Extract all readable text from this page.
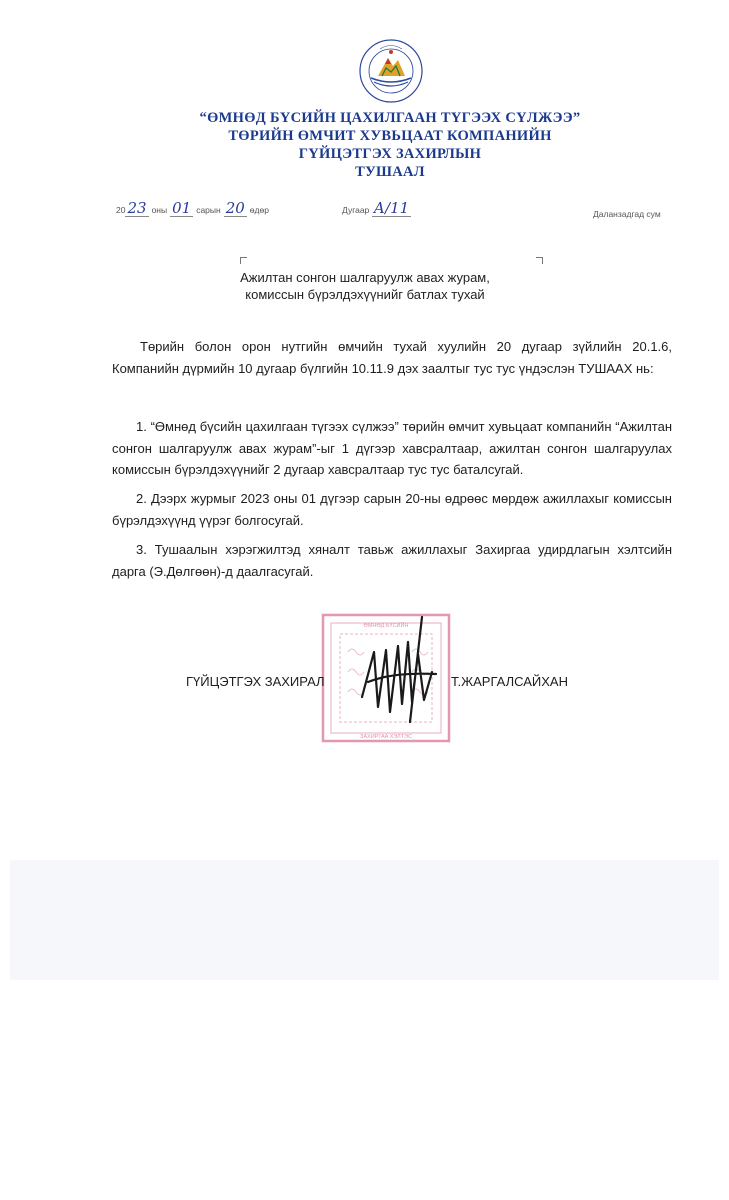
“ӨМНӨД БҮСИЙН ЦАХИЛГААН ТҮГЭЭХ СҮЛЖЭЭ”
ТӨРИЙН ӨМЧИТ ХУВЬЦААТ КОМПАНИЙН
ГҮЙЦЭТГЭХ ЗАХИРЛЫН
ТУШААЛ
20 23 оны 01 сарын 20 өдөр	Дугаар А/11	Даланзадгад сум
Ажилтан сонгон шалгаруулж авах журам,
комиссын бүрэлдэхүүнийг батлах тухай
Төрийн болон орон нутгийн өмчийн тухай хуулийн 20 дугаар зүйлийн 20.1.6, Компанийн дүрмийн 10 дугаар бүлгийн 10.11.9 дэх заалтыг тус тус үндэслэн ТУШААХ нь:
1. “Өмнөд бүсийн цахилгаан түгээх сүлжээ” төрийн өмчит хувьцаат компанийн “Ажилтан сонгон шалгаруулж авах журам”-ыг 1 дүгээр хавсралтаар, ажилтан сонгон шалгаруулах комиссын бүрэлдэхүүнийг 2 дугаар хавсралтаар тус тус баталсугай.
2. Дээрх журмыг 2023 оны 01 дүгээр сарын 20-ны өдрөөс мөрдөж ажиллахыг комиссын бүрэлдэхүүнд үүрэг болгосугай.
3. Тушаалын хэрэгжилтэд хяналт тавьж ажиллахыг Захиргаа удирдлагын хэлтсийн дарга (Э.Дөлгөөн)-д даалгасугай.
ӨМНӨД БҮСИЙН
ЗАХИРГАА ХЭЛТЭС
ГҮЙЦЭТГЭХ ЗАХИРАЛ	Т.ЖАРГАЛСАЙХАН
